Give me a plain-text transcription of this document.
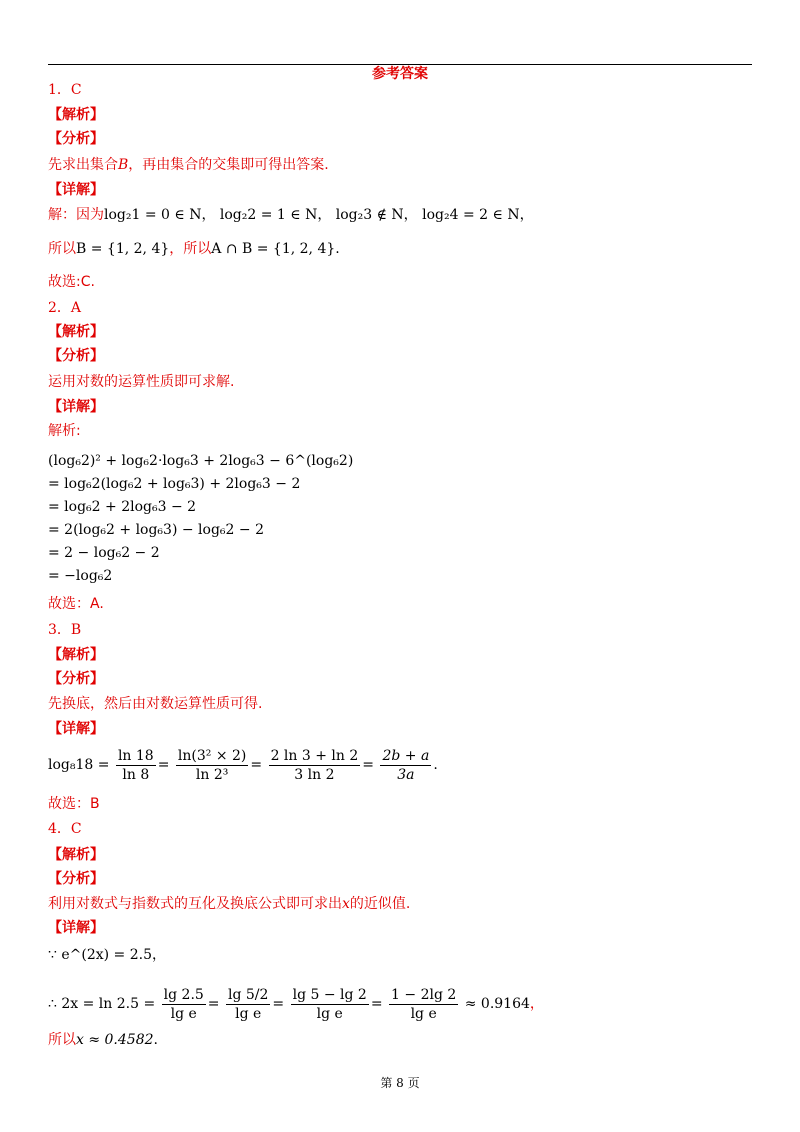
参考答案
1．C
【解析】
【分析】
先求出集合B，再由集合的交集即可得出答案.
【详解】
解：因为log₂1 = 0 ∈ N， log₂2 = 1 ∈ N， log₂3 ∉ N， log₂4 = 2 ∈ N，
所以B = {1, 2, 4}，所以A ∩ B = {1, 2, 4}.
故选:C.
2．A
【解析】
【分析】
运用对数的运算性质即可求解.
【详解】
解析:
(log₆2)² + log₆2·log₆3 + 2log₆3 − 6^(log₆2)
= log₆2(log₆2 + log₆3) + 2log₆3 − 2
= log₆2 + 2log₆3 − 2
= 2(log₆2 + log₆3) − log₆2 − 2
= 2 − log₆2 − 2
= −log₆2
故选：A.
3．B
【解析】
【分析】
先换底，然后由对数运算性质可得.
【详解】
$\log_818 = \frac{\ln 18}{\ln 8} = \frac{\text{ln(3² × 2)}}{\text{ln 2³}} = \frac{2 \ln 3 + \ln 2}{3 \ln 2} = \frac{2b + a}{3a}$ .
故选：B
4．C
【解析】
【分析】
利用对数式与指数式的互化及换底公式即可求出x的近似值.
【详解】
∵ e^(2x) = 2.5，
∴ $2x = \ln 2.5 = \frac{\lg 2.5}{\text{lg e}} = \frac{\lg 5/2}{\text{lg e}} = \frac{\lg 5 - \lg 2}{\text{lg e}} = \frac{1 - 2\lg 2}{\text{lg e}} \approx 0.9164$，
所以x ≈ 0.4582.
第 8 页
